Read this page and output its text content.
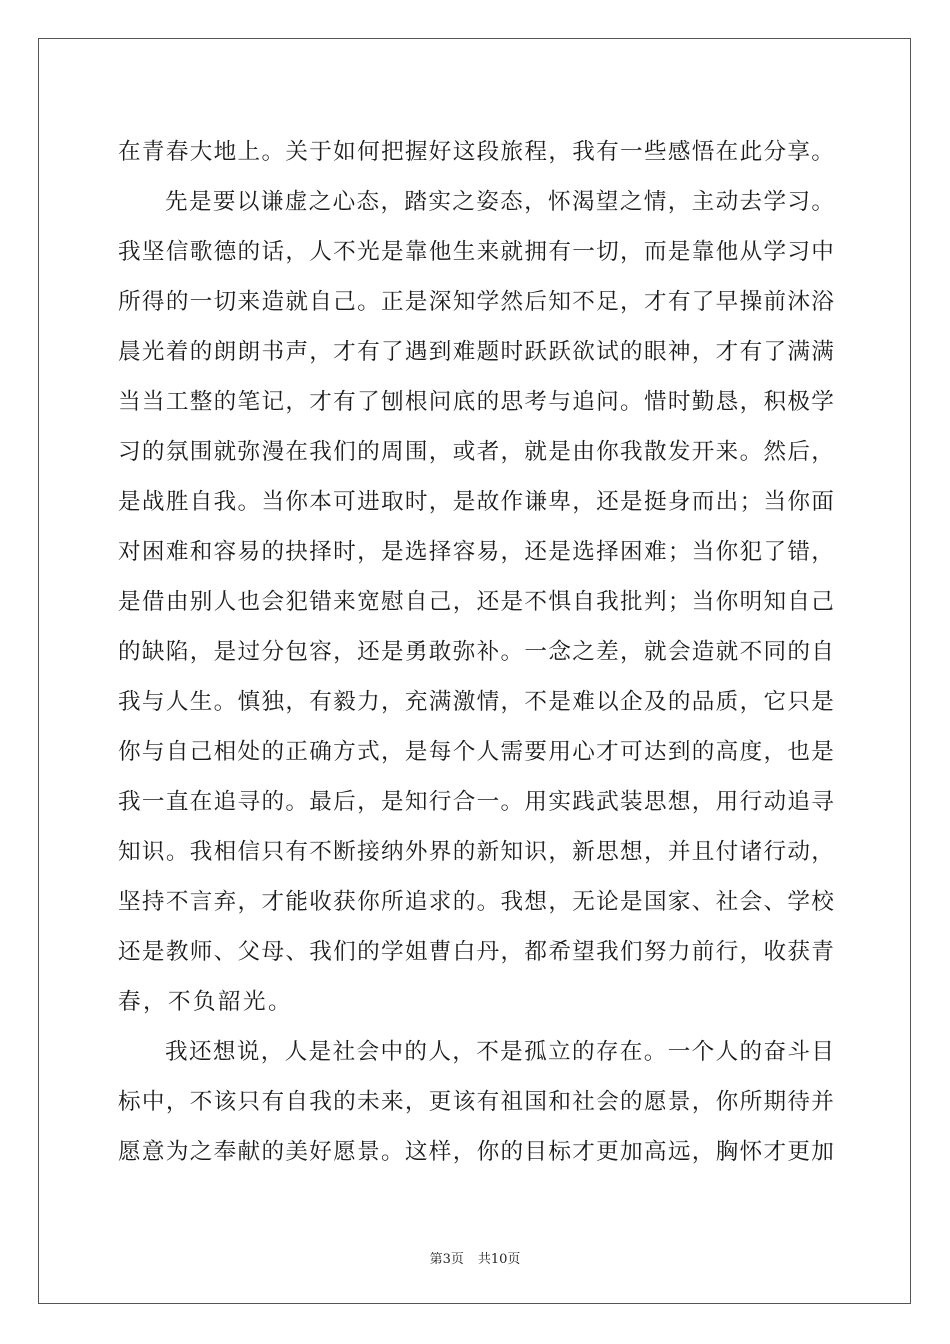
在 青 春 大 地 上 。 关 于 如 何 把 握 好 这 段 旅 程 ， 我 有 一 些 感 悟 在 此 分 享 。
先 是 要 以 谦 虚 之 心 态 ， 踏 实 之 姿 态 ， 怀 渴 望 之 情 ， 主 动 去 学 习 。
我 坚 信 歌 德 的 话 ， 人 不 光 是 靠 他 生 来 就 拥 有 一 切 ， 而 是 靠 他 从 学 习 中
所 得 的 一 切 来 造 就 自 己 。 正 是 深 知 学 然 后 知 不 足 ， 才 有 了 早 操 前 沐 浴
晨 光 着 的 朗 朗 书 声 ， 才 有 了 遇 到 难 题 时 跃 跃 欲 试 的 眼 神 ， 才 有 了 满 满
当 当 工 整 的 笔 记 ， 才 有 了 刨 根 问 底 的 思 考 与 追 问 。 惜 时 勤 恳 ， 积 极 学
习 的 氛 围 就 弥 漫 在 我 们 的 周 围 ， 或 者 ， 就 是 由 你 我 散 发 开 来 。 然 后 ，
是 战 胜 自 我 。 当 你 本 可 进 取 时 ， 是 故 作 谦 卑 ， 还 是 挺 身 而 出 ； 当 你 面
对 困 难 和 容 易 的 抉 择 时 ， 是 选 择 容 易 ， 还 是 选 择 困 难 ； 当 你 犯 了 错 ，
是 借 由 别 人 也 会 犯 错 来 宽 慰 自 己 ， 还 是 不 惧 自 我 批 判 ； 当 你 明 知 自 己
的 缺 陷 ， 是 过 分 包 容 ， 还 是 勇 敢 弥 补 。 一 念 之 差 ， 就 会 造 就 不 同 的 自
我 与 人 生 。 慎 独 ， 有 毅 力 ， 充 满 激 情 ， 不 是 难 以 企 及 的 品 质 ， 它 只 是
你 与 自 己 相 处 的 正 确 方 式 ， 是 每 个 人 需 要 用 心 才 可 达 到 的 高 度 ， 也 是
我 一 直 在 追 寻 的 。 最 后 ， 是 知 行 合 一 。 用 实 践 武 装 思 想 ， 用 行 动 追 寻
知 识 。 我 相 信 只 有 不 断 接 纳 外 界 的 新 知 识 ， 新 思 想 ， 并 且 付 诸 行 动 ，
坚 持 不 言 弃 ， 才 能 收 获 你 所 追 求 的 。 我 想 ， 无 论 是 国 家 、 社 会 、 学 校
还 是 教 师 、 父 母 、 我 们 的 学 姐 曹 白 丹 ， 都 希 望 我 们 努 力 前 行 ， 收 获 青
春，不负韶光。
我 还 想 说 ， 人 是 社 会 中 的 人 ， 不 是 孤 立 的 存 在 。 一 个 人 的 奋 斗 目
标 中 ， 不 该 只 有 自 我 的 未 来 ， 更 该 有 祖 国 和 社 会 的 愿 景 ， 你 所 期 待 并
愿 意 为 之 奉 献 的 美 好 愿 景 。 这 样 ， 你 的 目 标 才 更 加 高 远 ， 胸 怀 才 更 加
第3页 共10页
